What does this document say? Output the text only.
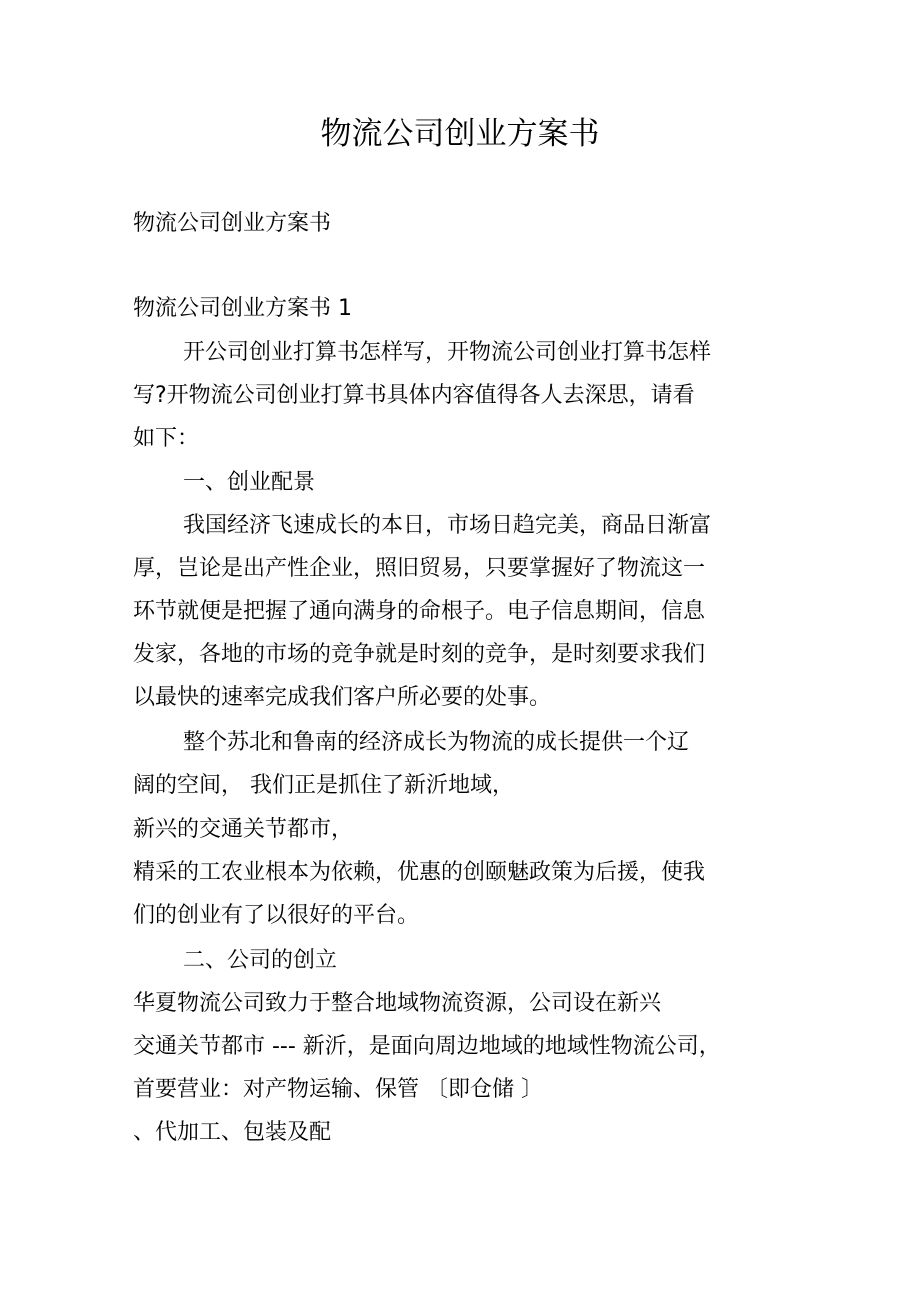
物流公司创业方案书
物流公司创业方案书
物流公司创业方案书 1
开公司创业打算书怎样写，开物流公司创业打算书怎样
写?开物流公司创业打算书具体内容值得各人去深思，请看
如下：
一、创业配景
我国经济飞速成长的本日，市场日趋完美，商品日渐富
厚，岂论是出产性企业，照旧贸易，只要掌握好了物流这一
环节就便是把握了通向满身的命根子。电子信息期间，信息
发家，各地的市场的竞争就是时刻的竞争，是时刻要求我们
以最快的速率完成我们客户所必要的处事。
整个苏北和鲁南的经济成长为物流的成长提供一个辽
阔的空间， 我们正是抓住了新沂地域，
新兴的交通关节都市，
精采的工农业根本为依赖，优惠的创颐魅政策为后援，使我
们的创业有了以很好的平台。
二、公司的创立
华夏物流公司致力于整合地域物流资源，公司设在新兴
交通关节都市 --- 新沂，是面向周边地域的地域性物流公司，
首要营业：对产物运输、保管 〔即仓储 〕
、代加工、包装及配
